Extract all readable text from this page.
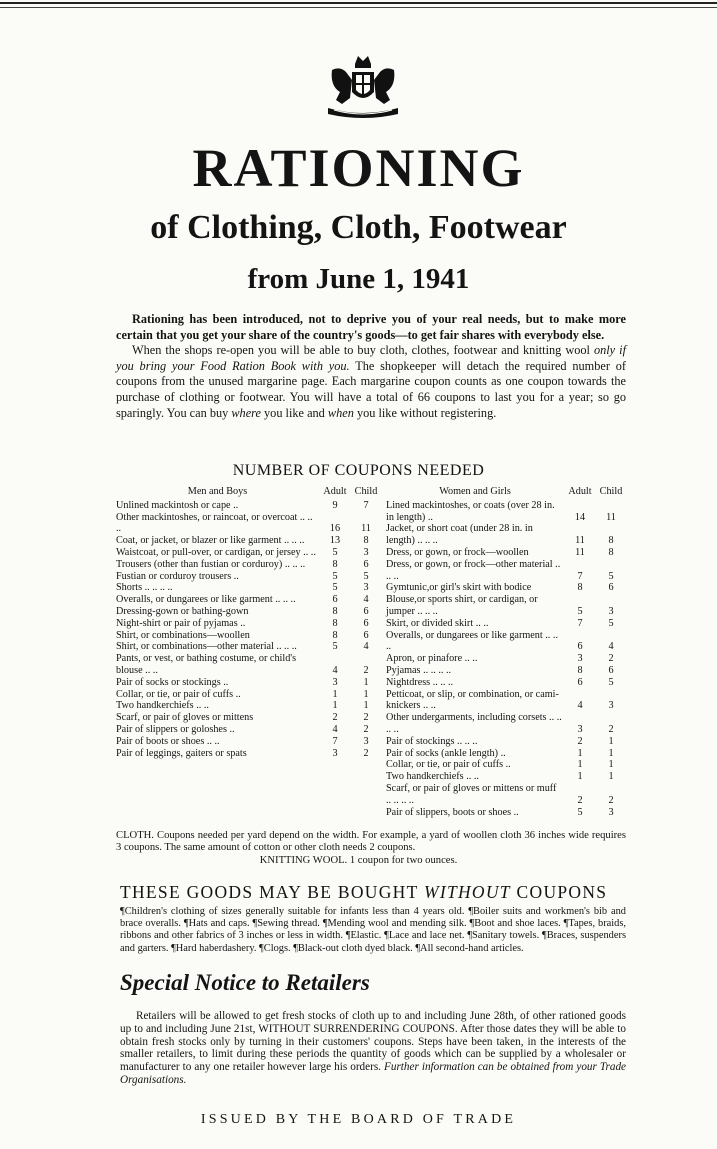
RATIONING
of Clothing, Cloth, Footwear
from June 1, 1941

Rationing has been introduced, not to deprive you of your real needs, but to make more certain that you get your share of the country's goods—to get fair shares with everybody else.

When the shops re-open you will be able to buy cloth, clothes, footwear and knitting wool only if you bring your Food Ration Book with you. The shopkeeper will detach the required number of coupons from the unused margarine page. Each margarine coupon counts as one coupon towards the purchase of clothing or footwear. You will have a total of 66 coupons to last you for a year; so go sparingly. You can buy where you like and when you like without registering.

NUMBER OF COUPONS NEEDED
Men and Boys	Adult Child
Unlined mackintosh or cape ..	9	7
Other mackintoshes, or raincoat, or overcoat .. .. ..	16	11
Coat, or jacket, or blazer or like garment .. .. ..	13	8
Waistcoat, or pull-over, or cardigan, or jersey .. ..	5	3
Trousers (other than fustian or corduroy) .. .. ..	8	6
Fustian or corduroy trousers ..	5	5
Shorts .. .. .. ..	5	3
Overalls, or dungarees or like garment .. .. ..	6	4
Dressing-gown or bathing-gown	8	6
Night-shirt or pair of pyjamas ..	8	6
Shirt, or combinations—woollen	8	6
Shirt, or combinations—other material .. .. ..	5	4
Pants, or vest, or bathing costume, or child's blouse .. ..	4	2
Pair of socks or stockings ..	3	1
Collar, or tie, or pair of cuffs ..	1	1
Two handkerchiefs .. ..	1	1
Scarf, or pair of gloves or mittens	2	2
Pair of slippers or goloshes ..	4	2
Pair of boots or shoes .. ..	7	3
Pair of leggings, gaiters or spats	3	2
Women and Girls	Adult Child
Lined mackintoshes, or coats (over 28 in. in length) ..	14	11
Jacket, or short coat (under 28 in. in length) .. .. ..	11	8
Dress, or gown, or frock—woollen	11	8
Dress, or gown, or frock—other material .. .. ..	7	5
Gymtunic,or girl's skirt with bodice	8	6
Blouse,or sports shirt, or cardigan, or jumper .. .. ..	5	3
Skirt, or divided skirt .. ..	7	5
Overalls, or dungarees or like garment .. .. ..	6	4
Apron, or pinafore .. ..	3	2
Pyjamas .. .. .. ..	8	6
Nightdress .. .. ..	6	5
Petticoat, or slip, or combination, or cami-knickers .. ..	4	3
Other undergarments, including corsets .. .. .. ..	3	2
Pair of stockings .. .. ..	2	1
Pair of socks (ankle length) ..	1	1
Collar, or tie, or pair of cuffs ..	1	1
Two handkerchiefs .. ..	1	1
Scarf, or pair of gloves or mittens or muff .. .. .. ..	2	2
Pair of slippers, boots or shoes ..	5	3
CLOTH. Coupons needed per yard depend on the width. For example, a yard of woollen cloth 36 inches wide requires 3 coupons. The same amount of cotton or other cloth needs 2 coupons.
KNITTING WOOL. 1 coupon for two ounces.
THESE GOODS MAY BE BOUGHT WITHOUT COUPONS
¶Children's clothing of sizes generally suitable for infants less than 4 years old. ¶Boiler suits and workmen's bib and brace overalls. ¶Hats and caps. ¶Sewing thread. ¶Mending wool and mending silk. ¶Boot and shoe laces. ¶Tapes, braids, ribbons and other fabrics of 3 inches or less in width. ¶Elastic. ¶Lace and lace net. ¶Sanitary towels. ¶Braces, suspenders and garters. ¶Hard haberdashery. ¶Clogs. ¶Black-out cloth dyed black. ¶All second-hand articles.
Special Notice to Retailers

Retailers will be allowed to get fresh stocks of cloth up to and including June 28th, of other rationed goods up to and including June 21st, WITHOUT SURRENDERING COUPONS. After those dates they will be able to obtain fresh stocks only by turning in their customers' coupons. Steps have been taken, in the interests of the smaller retailers, to limit during these periods the quantity of goods which can be supplied by a wholesaler or manufacturer to any one retailer however large his orders. Further information can be obtained from your Trade Organisations.

ISSUED BY THE BOARD OF TRADE
